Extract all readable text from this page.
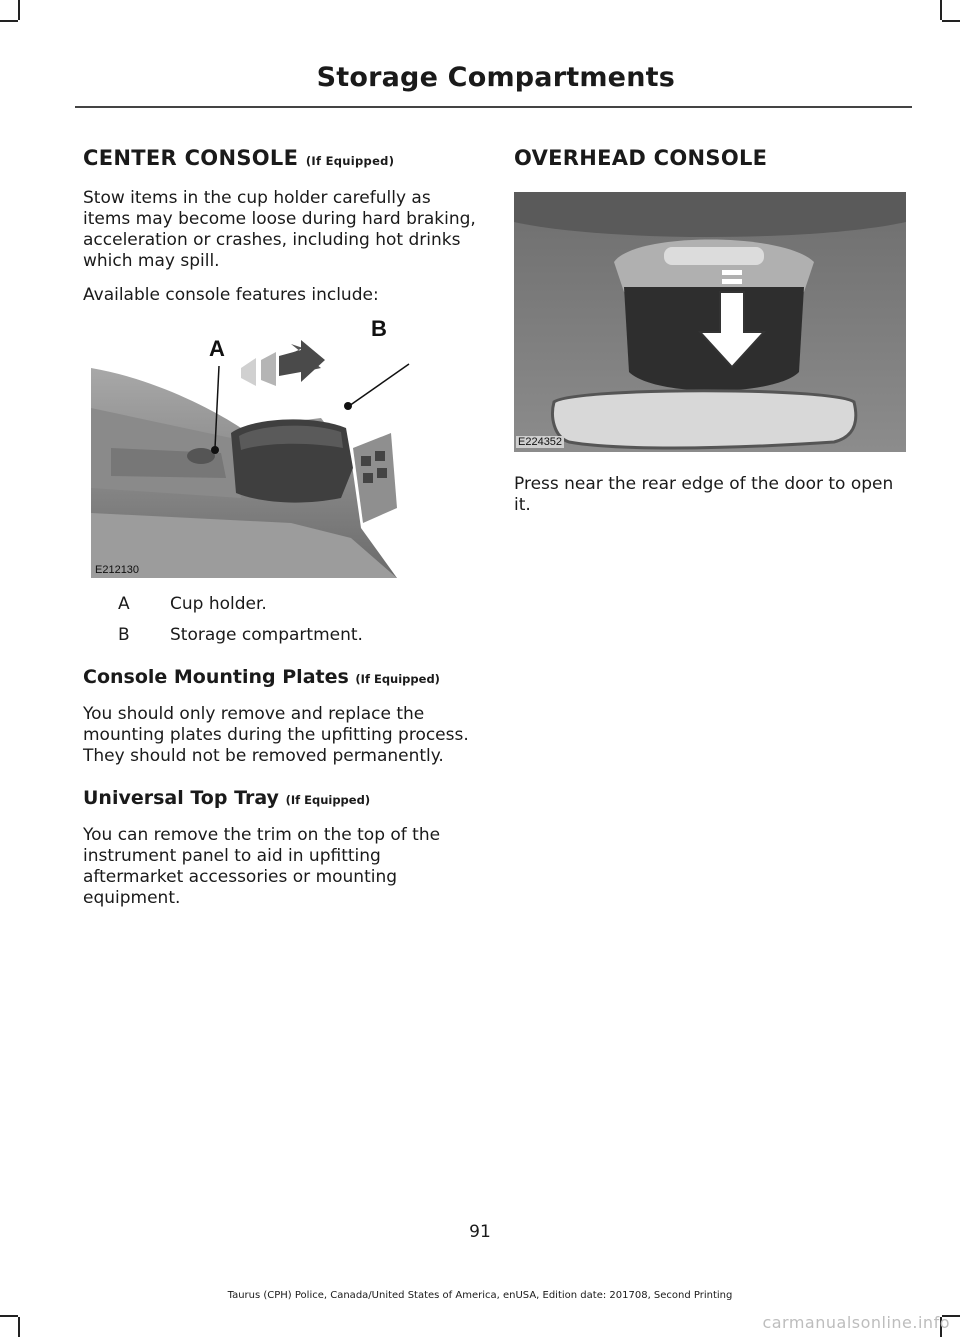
Storage Compartments
CENTER CONSOLE (If Equipped)

Stow items in the cup holder carefully as items may become loose during hard braking, acceleration or crashes, including hot drinks which may spill.

Available console features include:

A
B
E212130
A	Cup holder.
B	Storage compartment.
Console Mounting Plates (If Equipped)

You should only remove and replace the mounting plates during the upfitting process. They should not be removed permanently.

Universal Top Tray (If Equipped)

You can remove the trim on the top of the instrument panel to aid in upfitting aftermarket accessories or mounting equipment.

OVERHEAD CONSOLE
E224352

Press near the rear edge of the door to open it.

91
Taurus (CPH) Police, Canada/United States of America, enUSA, Edition date: 201708, Second Printing
carmanualsonline.info
